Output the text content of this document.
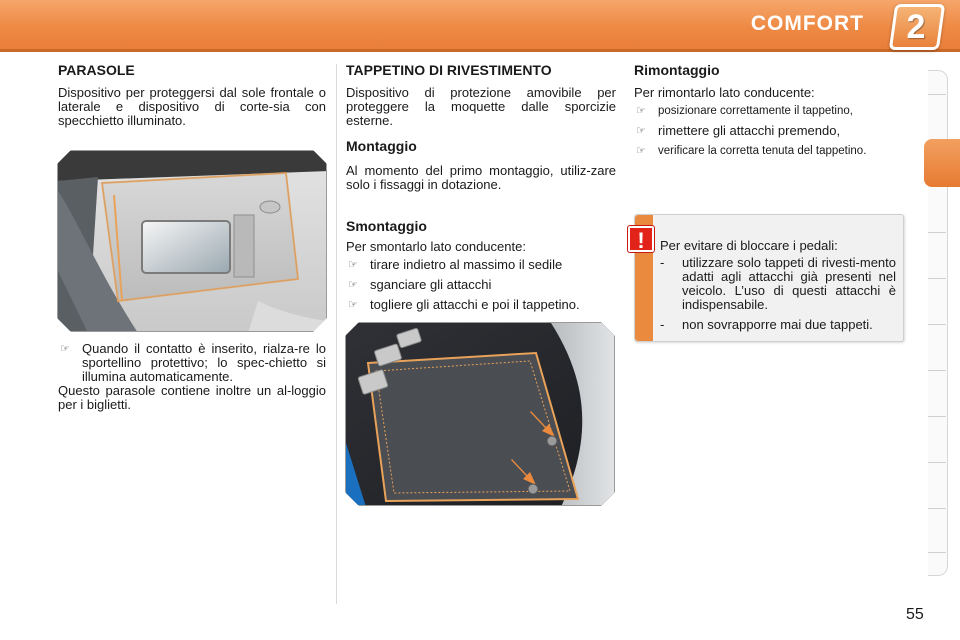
COMFORT	2
PARASOLE
Dispositivo per proteggersi dal sole frontale o laterale e dispositivo di corte-sia con specchietto illuminato.
☞ Quando il contatto è inserito, rialza-re lo sportellino protettivo; lo spec-chietto si illumina automaticamente.
Questo parasole contiene inoltre un al-loggio per i biglietti.
TAPPETINO DI RIVESTIMENTO
Dispositivo di protezione amovibile per proteggere la moquette dalle sporcizie esterne.
Montaggio
Al momento del primo montaggio, utiliz-zare solo i fissaggi in dotazione.
Smontaggio
Per smontarlo lato conducente:
☞ tirare indietro al massimo il sedile
☞ sganciare gli attacchi
☞ togliere gli attacchi e poi il tappetino.
Rimontaggio
Per rimontarlo lato conducente:
☞ posizionare correttamente il tappetino,
☞ rimettere gli attacchi premendo,
☞ verificare la corretta tenuta del tappetino.
!	Per evitare di bloccare i pedali:
- utilizzare solo tappeti di rivesti-mento adatti agli attacchi già presenti nel veicolo. L’uso di questi attacchi è indispensabile.
- non sovrapporre mai due tappeti.
55
